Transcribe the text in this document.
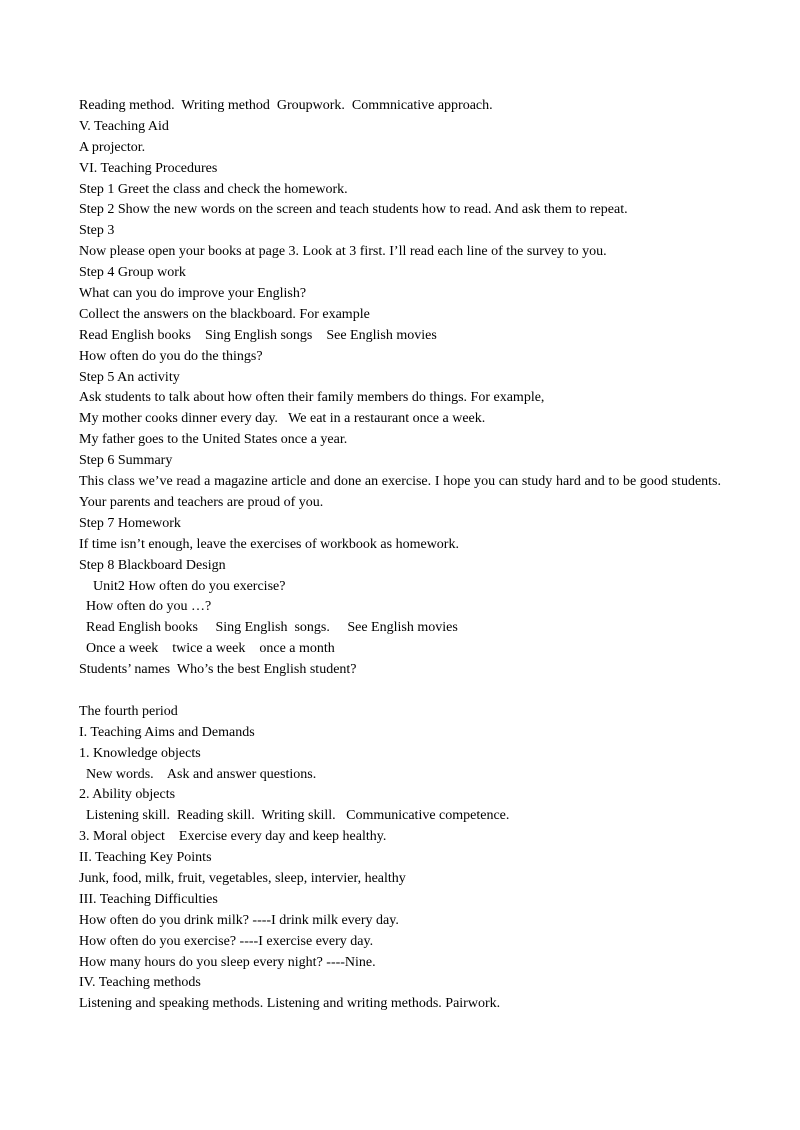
Reading method.  Writing method  Groupwork.  Commnicative approach.
V. Teaching Aid
A projector.
VI. Teaching Procedures
Step 1 Greet the class and check the homework.
Step 2 Show the new words on the screen and teach students how to read. And ask them to repeat.
Step 3
Now please open your books at page 3. Look at 3 first. I’ll read each line of the survey to you.
Step 4 Group work
What can you do improve your English?
Collect the answers on the blackboard. For example
Read English books    Sing English songs    See English movies
How often do you do the things?
Step 5 An activity
Ask students to talk about how often their family members do things. For example,
My mother cooks dinner every day.   We eat in a restaurant once a week.
My father goes to the United States once a year.
Step 6 Summary
This class we’ve read a magazine article and done an exercise. I hope you can study hard and to be good students. Your parents and teachers are proud of you.
Step 7 Homework
If time isn’t enough, leave the exercises of workbook as homework.
Step 8 Blackboard Design
Unit2 How often do you exercise?
How often do you …?
Read English books     Sing English  songs.     See English movies
Once a week    twice a week    once a month
Students’ names  Who’s the best English student?
The fourth period
I. Teaching Aims and Demands
1. Knowledge objects
New words.    Ask and answer questions.
2. Ability objects
Listening skill.  Reading skill.  Writing skill.   Communicative competence.
3. Moral object    Exercise every day and keep healthy.
II. Teaching Key Points
Junk, food, milk, fruit, vegetables, sleep, intervier, healthy
III. Teaching Difficulties
How often do you drink milk? ----I drink milk every day.
How often do you exercise? ----I exercise every day.
How many hours do you sleep every night? ----Nine.
IV. Teaching methods
Listening and speaking methods. Listening and writing methods. Pairwork.
